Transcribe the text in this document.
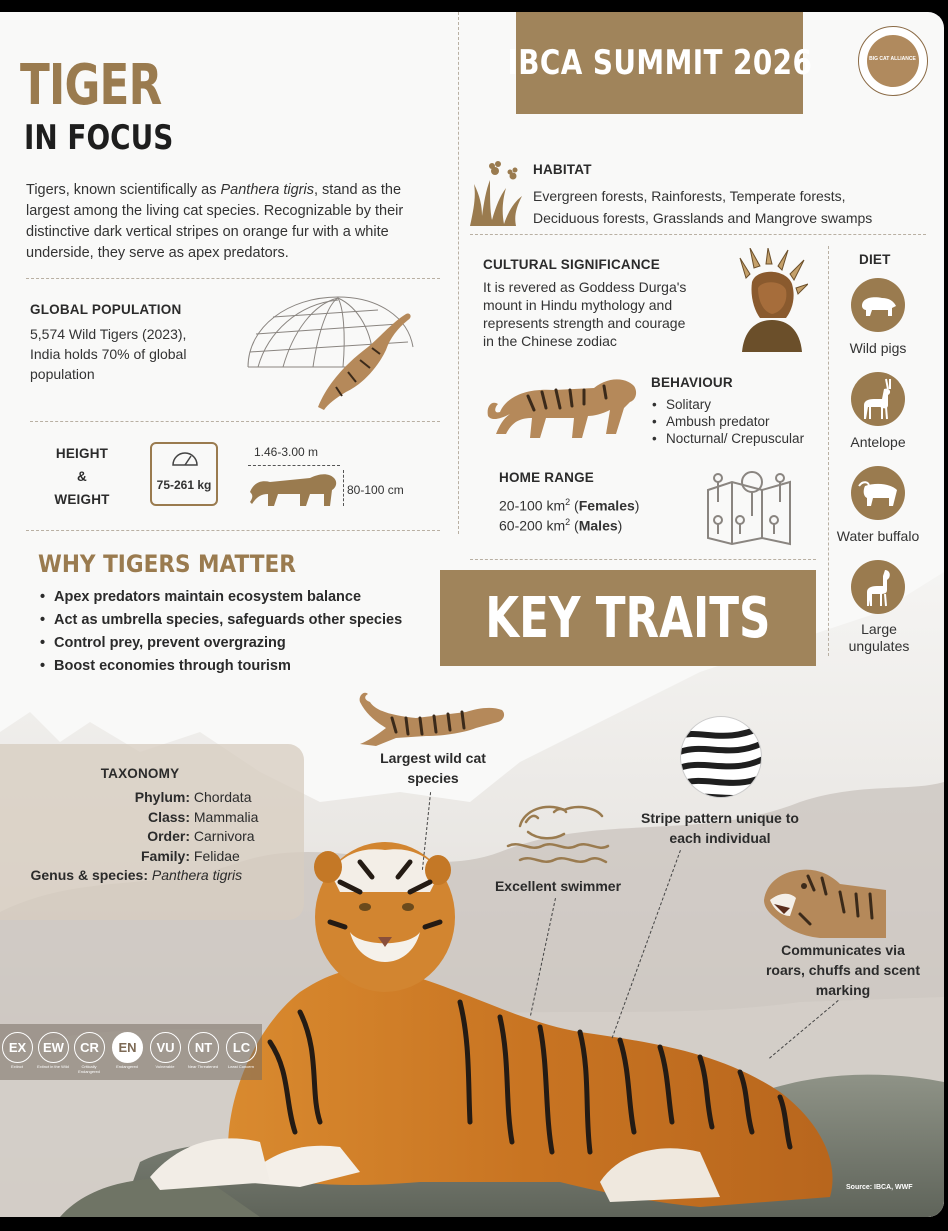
TIGER
IN FOCUS
Tigers, known scientifically as Panthera tigris, stand as the largest among the living cat species. Recognizable by their distinctive dark vertical stripes on orange fur with a white underside, they serve as apex predators.
GLOBAL POPULATION
5,574 Wild Tigers (2023),
India holds 70% of global
population
HEIGHT
&
WEIGHT
75-261 kg
1.46-3.00 m
80-100 cm
IBCA SUMMIT 2026	BIG CAT ALLIANCE
HABITAT
Evergreen forests, Rainforests, Temperate forests,
Deciduous forests, Grasslands and Mangrove swamps
CULTURAL SIGNIFICANCE
It is revered as Goddess Durga's
mount in Hindu mythology and
represents strength and courage
in the Chinese zodiac
BEHAVIOUR
• Solitary
• Ambush predator
• Nocturnal/ Crepuscular
HOME RANGE
20-100 $km^2$ (Females)
60-200 $km^2$ (Males)
DIET
Wild pigs
Antelope
Water buffalo
Large ungulates
WHY TIGERS MATTER
• Apex predators maintain ecosystem balance
• Act as umbrella species, safeguards other species
• Control prey, prevent overgrazing
• Boost economies through tourism
KEY TRAITS
Largest wild cat species
Stripe pattern unique to each individual
Excellent swimmer
Communicates via roars, chuffs and scent marking
TAXONOMY
Phylum: Chordata
Class: Mammalia
Order: Carnivora
Family: Felidae
Genus & species: Panthera tigris
EX	EW	CR	EN	VU	NT	LC
Extinct	Extinct in the Wild	Critically Endangered
Endangered	Vulnerable	Near Threatened	Least Concern
Source: IBCA, WWF
